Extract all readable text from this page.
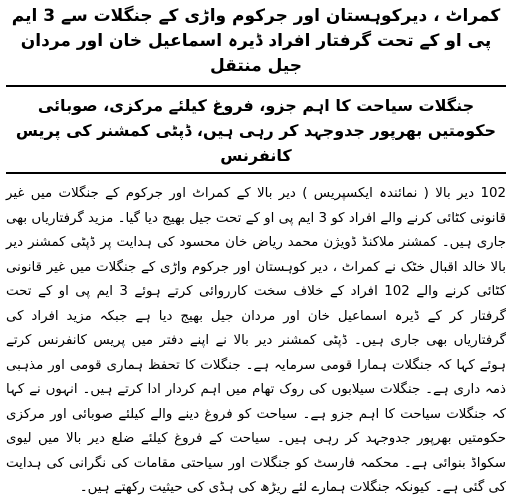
کمراٹ ، دیرکوہستان اور جرکوم واڑی کے جنگلات سے 3 ایم پی او کے تحت گرفتار افراد ڈیرہ اسماعیل خان اور مردان جیل منتقل
جنگلات سیاحت کا اہم جزو، فروغ کیلئے مرکزی، صوبائی حکومتیں بھرپور جدوجہد کر رہی ہیں، ڈپٹی کمشنر کی پریس کانفرنس

102 دیر بالا ( نمائندہ ایکسپریس ) دیر بالا کے کمراٹ اور جرکوم کے جنگلات میں غیر قانونی کٹائی کرنے والے افراد کو 3 ایم پی او کے تحت جیل بھیج دیا گیا۔ مزید گرفتاریاں بھی جاری ہیں۔ کمشنر ملاکنڈ ڈویژن محمد ریاض خان محسود کی ہدایت پر ڈپٹی کمشنر دیر بالا خالد اقبال خٹک نے کمراٹ ، دیر کوہستان اور جرکوم واڑی کے جنگلات میں غیر قانونی کٹائی کرنے والے 102 افراد کے خلاف سخت کارروائی کرتے ہوئے 3 ایم پی او کے تحت گرفتار کر کے ڈیرہ اسماعیل خان اور مردان جیل بھیج دیا ہے جبکہ مزید افراد کی گرفتاریاں بھی جاری ہیں۔ ڈپٹی کمشنر دیر بالا نے اپنے دفتر میں پریس کانفرنس کرتے ہوئے کہا کہ جنگلات ہمارا قومی سرمایہ ہے۔ جنگلات کا تحفظ ہماری قومی اور مذہبی ذمہ داری ہے۔ جنگلات سیلابوں کی روک تھام میں اہم کردار ادا کرتے ہیں۔ انہوں نے کہا کہ جنگلات سیاحت کا اہم جزو ہے۔ سیاحت کو فروغ دینے والے کیلئے صوبائی اور مرکزی حکومتیں بھرپور جدوجہد کر رہی ہیں۔ سیاحت کے فروغ کیلئے ضلع دیر بالا میں لیوی سکواڈ بنوائی ہے۔ محکمہ فارسٹ کو جنگلات اور سیاحتی مقامات کی نگرانی کی ہدایت کی گئی ہے۔ کیونکہ جنگلات ہمارے لئے ریڑھ کی ہڈی کی حیثیت رکھتے ہیں۔
